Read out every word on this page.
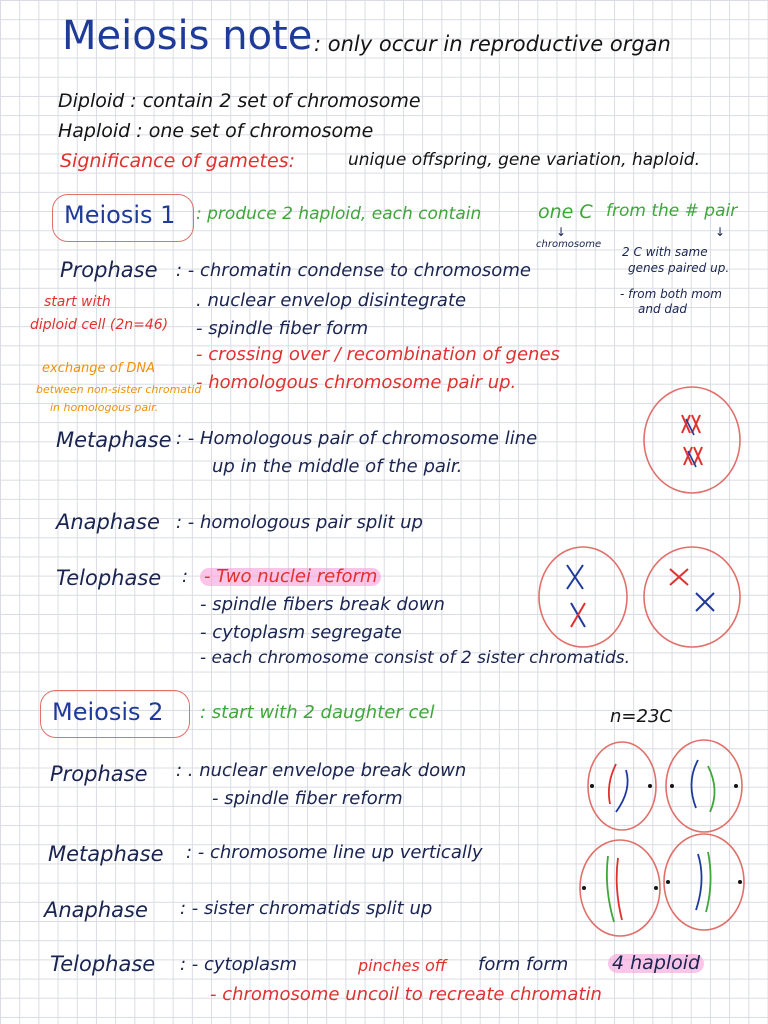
Meiosis note : only occur in reproductive organ
Diploid : contain 2 set of chromosome
Haploid : one set of chromosome
Significance of gametes:	unique offspring, gene variation, haploid.
Meiosis 1 : produce 2 haploid, each contain	one C from the # pair
↓	↓
chromosome
2 C with same
genes paired up.
- from both mom
and dad
start with
diploid cell (2n=46)
exchange of DNA
between non-sister chromatid
in homologous pair.
Prophase : - chromatin condense to chromosome
. nuclear envelop disintegrate
- spindle fiber form
- crossing over / recombination of genes
- homologous chromosome pair up.
Metaphase : - Homologous pair of chromosome line
up in the middle of the pair.
Anaphase : - homologous pair split up
Telophase : - Two nuclei reform
- spindle fibers break down
- cytoplasm segregate
- each chromosome consist of 2 sister chromatids.
Meiosis 2 : start with 2 daughter cel	n=23C
Prophase : . nuclear envelope break down
- spindle fiber reform
Metaphase : - chromosome line up vertically
Anaphase : - sister chromatids split up
Telophase : - cytoplasm	pinches off form form 4 haploid
- chromosome uncoil to recreate chromatin
